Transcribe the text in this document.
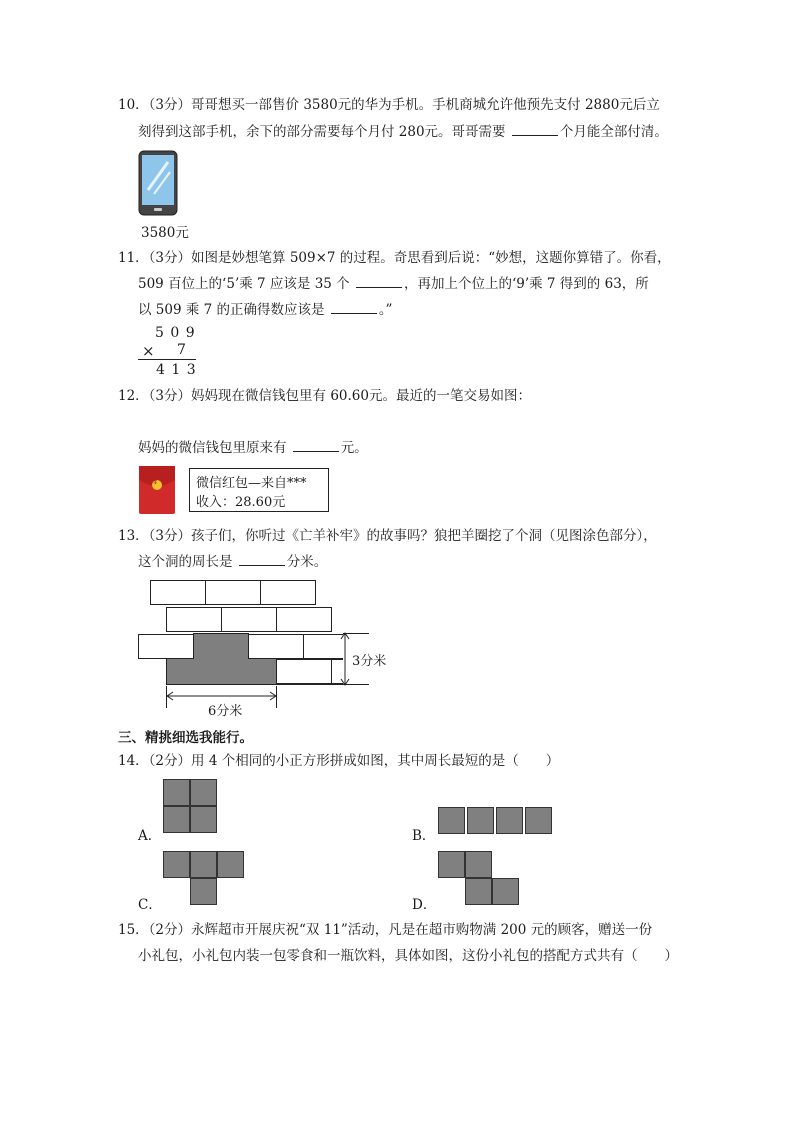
10．（3分）哥哥想买一部售价 3580元的华为手机。手机商城允许他预先支付 2880元后立
刻得到这部手机，余下的部分需要每个月付 280元。哥哥需要	个月能全部付清。
3580元
11．（3分）如图是妙想笔算 509×7 的过程。奇思看到后说：“妙想，这题你算错了。你看，
509 百位上的‘5’乘 7 应该是 35 个	，再加上个位上的‘9’乘 7 得到的 63，所
以 509 乘 7 的正确得数应该是	。”
5 0 9
× 7
4 1 3
12．（3分）妈妈现在微信钱包里有 60.60元。最近的一笔交易如图：
妈妈的微信钱包里原来有	元。
¥	微信红包—来自***
收入：28.60元
13．（3分）孩子们，你听过《亡羊补牢》的故事吗？狼把羊圈挖了个洞（见图涂色部分），
这个洞的周长是	分米。
3分米
6分米
三、精挑细选我能行。
14．（2分）用 4 个相同的小正方形拼成如图，其中周长最短的是（　　）
A．	B．
C．	D．
15．（2分）永辉超市开展庆祝“双 11”活动，凡是在超市购物满 200 元的顾客，赠送一份
小礼包，小礼包内装一包零食和一瓶饮料，具体如图，这份小礼包的搭配方式共有（　　）
